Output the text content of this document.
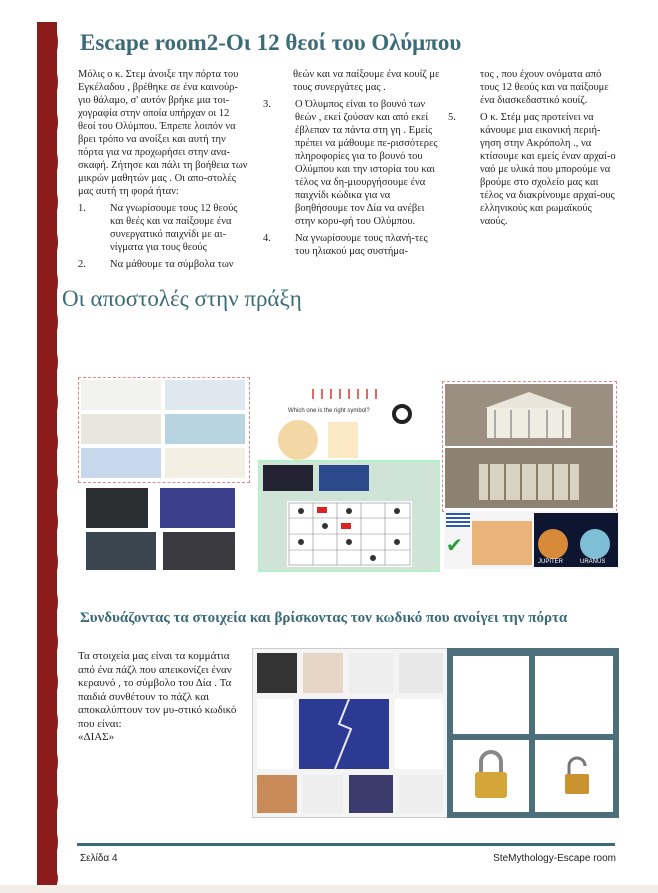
Escape room2-Οι 12 θεοί του Ολύμπου

Μόλις ο κ. Στεμ άνοιξε την πόρτα του Εγκέλαδου , βρέθηκε σε ένα καινούρ-γιο θάλαμο, σ' αυτόν βρήκε μια τοι-χογραφία στην οποία υπήρχαν οι 12 θεοί του Ολύμπου. Έπρεπε λοιπόν να βρει τρόπο να ανοίξει και αυτή την πόρτα για να προχωρήσει στην ανα-σκαφή. Ζήτησε και πάλι τη βοήθεια των μικρών μαθητών μας . Οι απο-στολές μας αυτή τη φορά ήταν:

1. Να γνωρίσουμε τους 12 θεούς και θεές και να παίξουμε ένα συνεργατικό παιχνίδι με αι-νίγματα για τους θεούς
2. Να μάθουμε τα σύμβολα των

θεών και να παίξουμε ένα κουίζ με τους συνεργάτες μας .

3. Ο Όλυμπος είναι το βουνό των θεών , εκεί ζούσαν και από εκεί έβλεπαν τα πάντα στη γη . Εμείς πρέπει να μάθουμε πε-ρισσότερες πληροφορίες για το βουνό του Ολύμπου και την ιστορία του και τέλος να δη-μιουργήσουμε ένα παιχνίδι κώδικα για να βοηθήσουμε τον Δία να ανέβει στην κορυ-φή του Ολύμπου.
4. Να γνωρίσουμε τους πλανή-τες του ηλιακού μας συστήμα-

τος , που έχουν ονόματα από τους 12 θεούς και να παίξουμε ένα διασκεδαστικό κουίζ.

5. Ο κ. Στέμ μας προτείνει να κάνουμε μια εικονική περιή-γηση στην Ακρόπολη ., να κτίσουμε και εμείς έναν αρχαί-ο ναό με υλικά που μπορούμε να βρούμε στο σχολείο μας και τέλος να διακρίνουμε αρχαί-ους ελληνικούς και ρωμαϊκούς ναούς.
Οι αποστολές στην πράξη
Which one is the right symbol?
✔
JUPITER	URANUS
Συνδυάζοντας τα στοιχεία και βρίσκοντας τον κωδικό που ανοίγει την πόρτα

Τα στοιχεία μας είναι τα κομμάτια από ένα πάζλ που απεικονίζει έναν κεραυνό , το σύμβολο του Δία . Τα παιδιά συνθέτουν το πάζλ και αποκαλύπτουν τον μυ-στικό κωδικό που είναι:

«ΔΙΑΣ»

Σελίδα 4	SteMythology-Escape room
